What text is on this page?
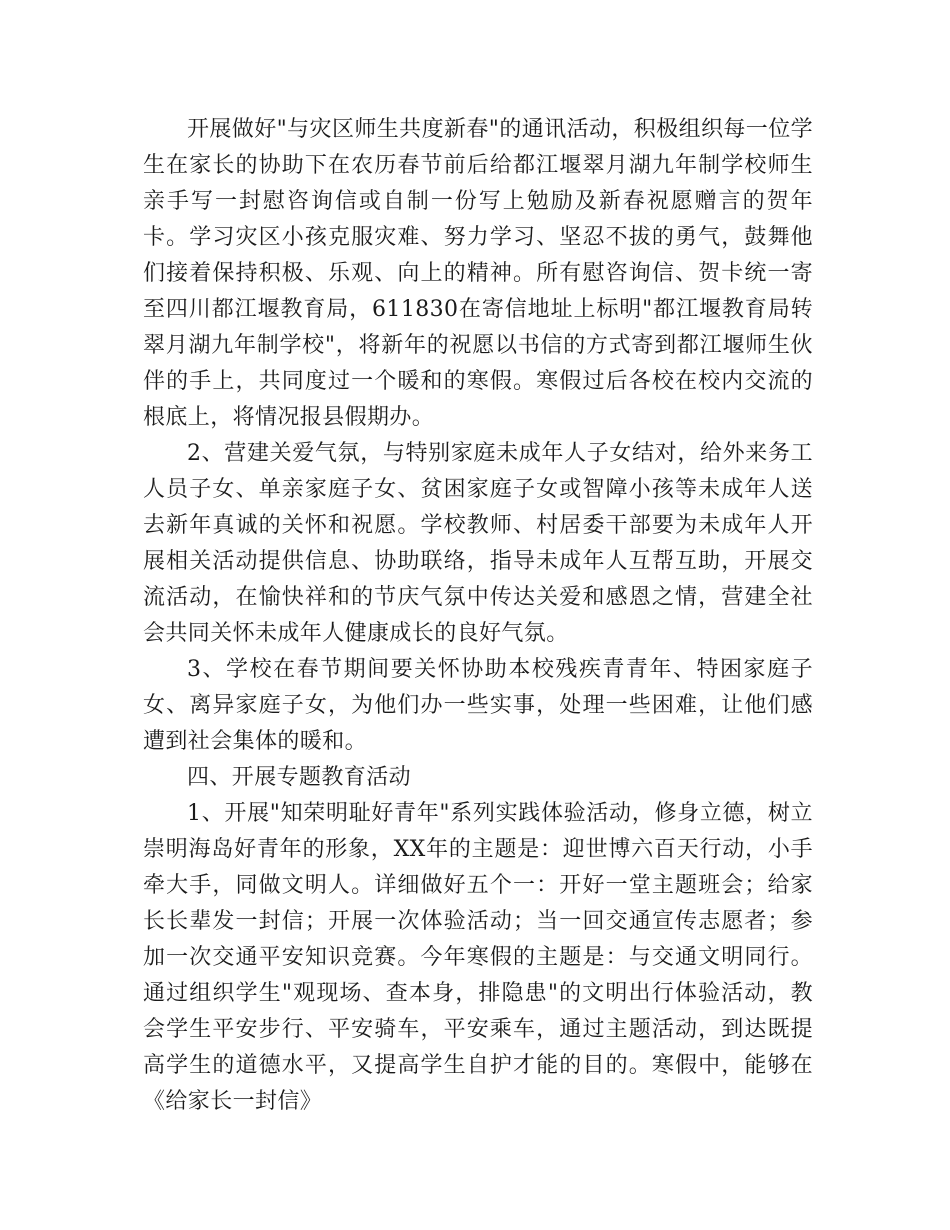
开展做好"与灾区师生共度新春"的通讯活动，积极组织每一位学生在家长的协助下在农历春节前后给都江堰翠月湖九年制学校师生亲手写一封慰咨询信或自制一份写上勉励及新春祝愿赠言的贺年卡。学习灾区小孩克服灾难、努力学习、坚忍不拔的勇气，鼓舞他们接着保持积极、乐观、向上的精神。所有慰咨询信、贺卡统一寄至四川都江堰教育局，611830在寄信地址上标明"都江堰教育局转翠月湖九年制学校"，将新年的祝愿以书信的方式寄到都江堰师生伙伴的手上，共同度过一个暖和的寒假。寒假过后各校在校内交流的根底上，将情况报县假期办。

2、营建关爱气氛，与特别家庭未成年人子女结对，给外来务工人员子女、单亲家庭子女、贫困家庭子女或智障小孩等未成年人送去新年真诚的关怀和祝愿。学校教师、村居委干部要为未成年人开展相关活动提供信息、协助联络，指导未成年人互帮互助，开展交流活动，在愉快祥和的节庆气氛中传达关爱和感恩之情，营建全社会共同关怀未成年人健康成长的良好气氛。

3、学校在春节期间要关怀协助本校残疾青青年、特困家庭子女、离异家庭子女，为他们办一些实事，处理一些困难，让他们感遭到社会集体的暖和。

四、开展专题教育活动

1、开展"知荣明耻好青年"系列实践体验活动，修身立德，树立崇明海岛好青年的形象，XX年的主题是：迎世博六百天行动，小手牵大手，同做文明人。详细做好五个一：开好一堂主题班会；给家长长辈发一封信；开展一次体验活动；当一回交通宣传志愿者；参加一次交通平安知识竞赛。今年寒假的主题是：与交通文明同行。通过组织学生"观现场、查本身，排隐患"的文明出行体验活动，教会学生平安步行、平安骑车，平安乘车，通过主题活动，到达既提高学生的道德水平，又提高学生自护才能的目的。寒假中，能够在《给家长一封信》
